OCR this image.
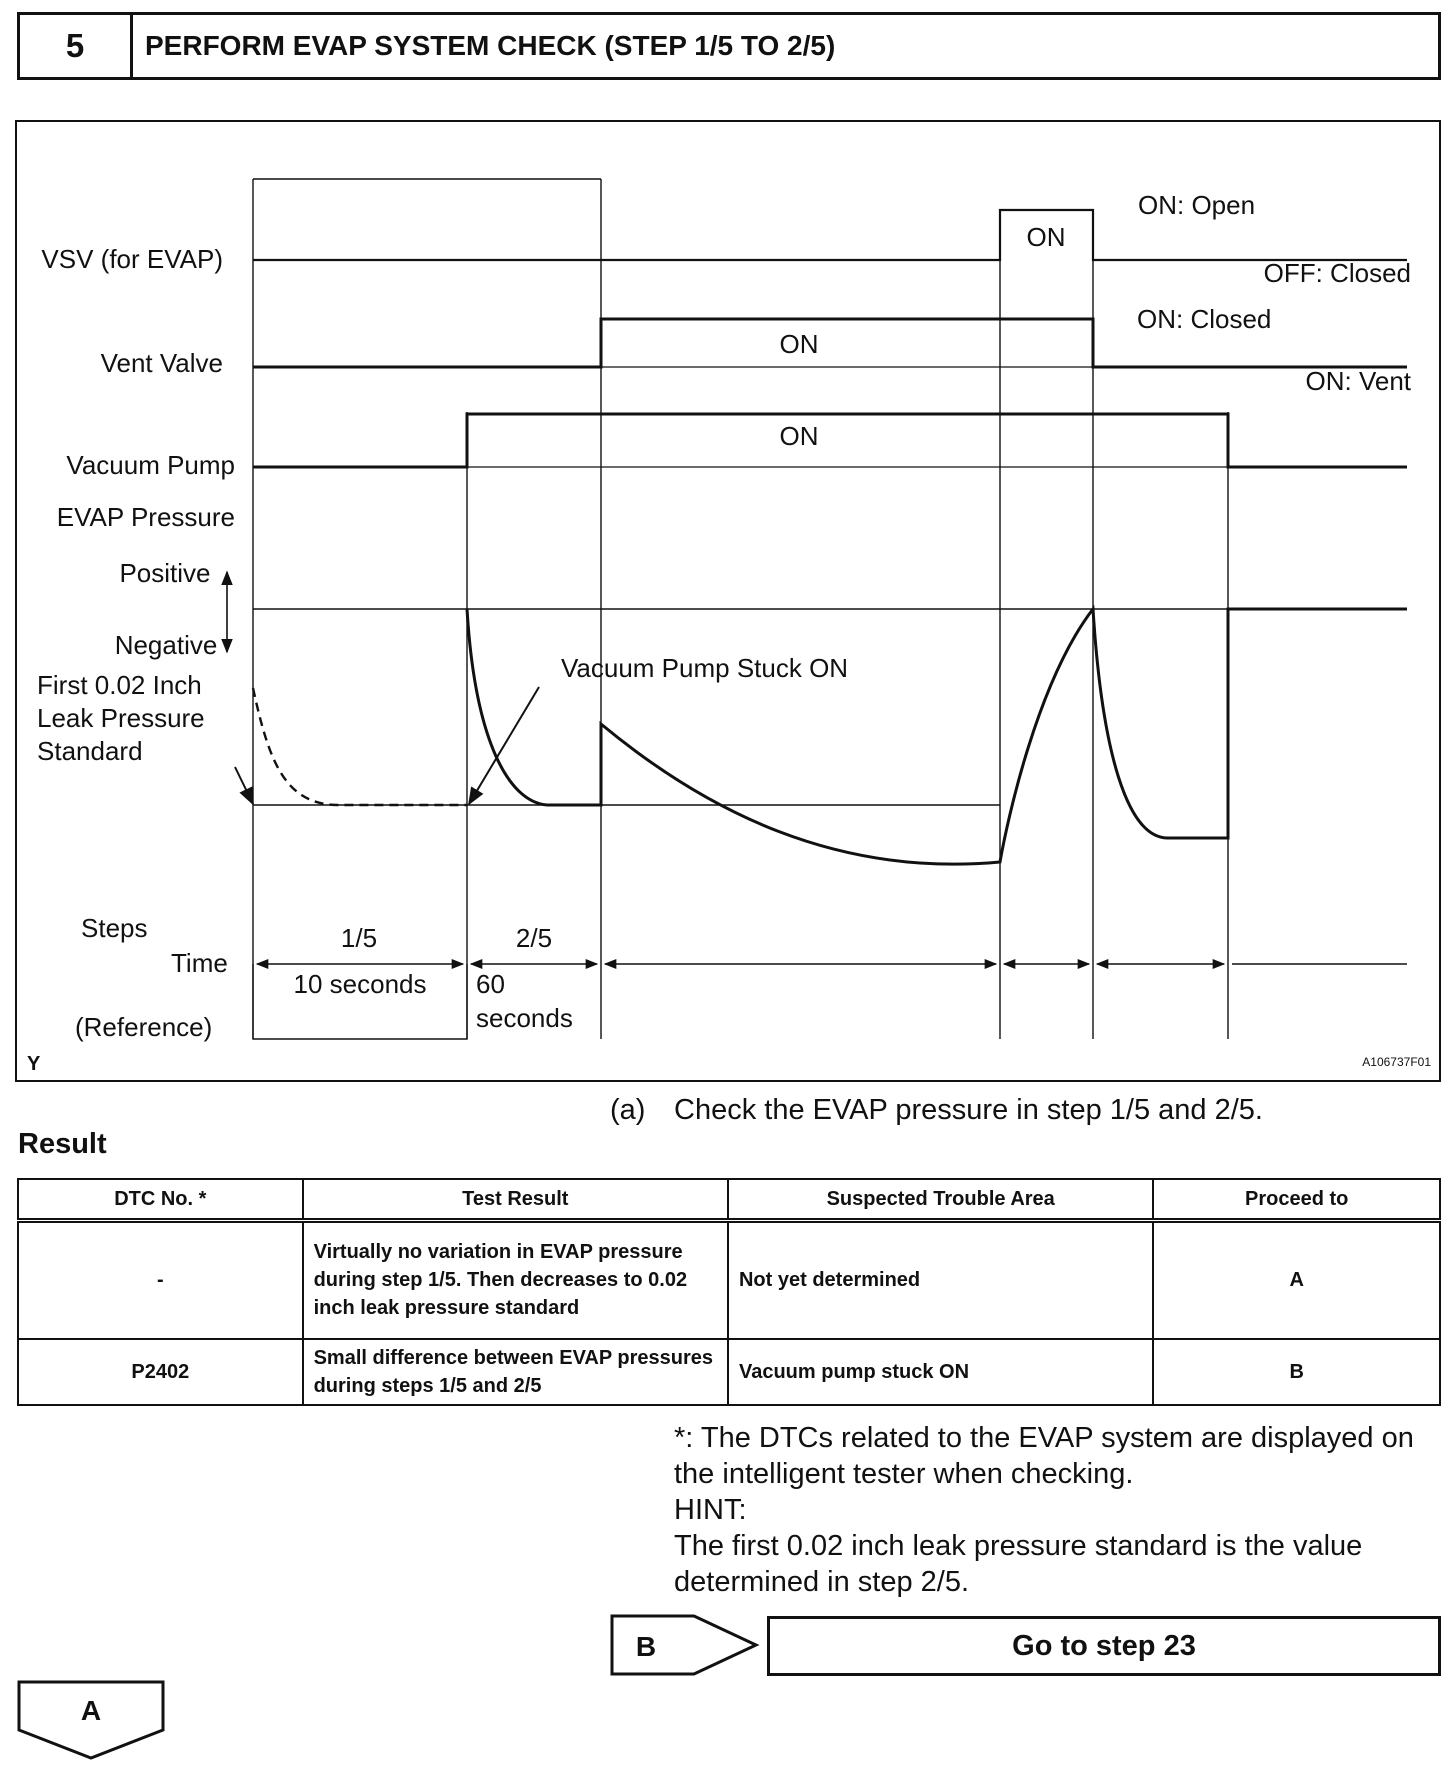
5	PERFORM EVAP SYSTEM CHECK (STEP 1/5 TO 2/5)
VSV (for EVAP)
Vent Valve
Vacuum Pump
EVAP Pressure
Positive
Negative
ON
ON: Open
OFF: Closed
ON: Closed
ON: Vent
ON
ON
First 0.02 Inch
Leak Pressure
Standard
Vacuum Pump Stuck ON
Steps
Time
(Reference)
1/5	2/5
10 seconds 60
seconds
Y	A106737F01
(a) Check the EVAP pressure in step 1/5 and 2/5.
Result
DTC No. *	Test Result	Suspected Trouble Area	Proceed to
-	Virtually no variation in EVAP pressure during step 1/5. Then decreases to 0.02 inch leak pressure standard	Not yet determined	A
P2402	Small difference between EVAP pressures during steps 1/5 and 2/5	Vacuum pump stuck ON	B

*: The DTCs related to the EVAP system are displayed on the intelligent tester when checking.

HINT:

The first 0.02 inch leak pressure standard is the value determined in step 2/5.

B	Go to step 23
A
